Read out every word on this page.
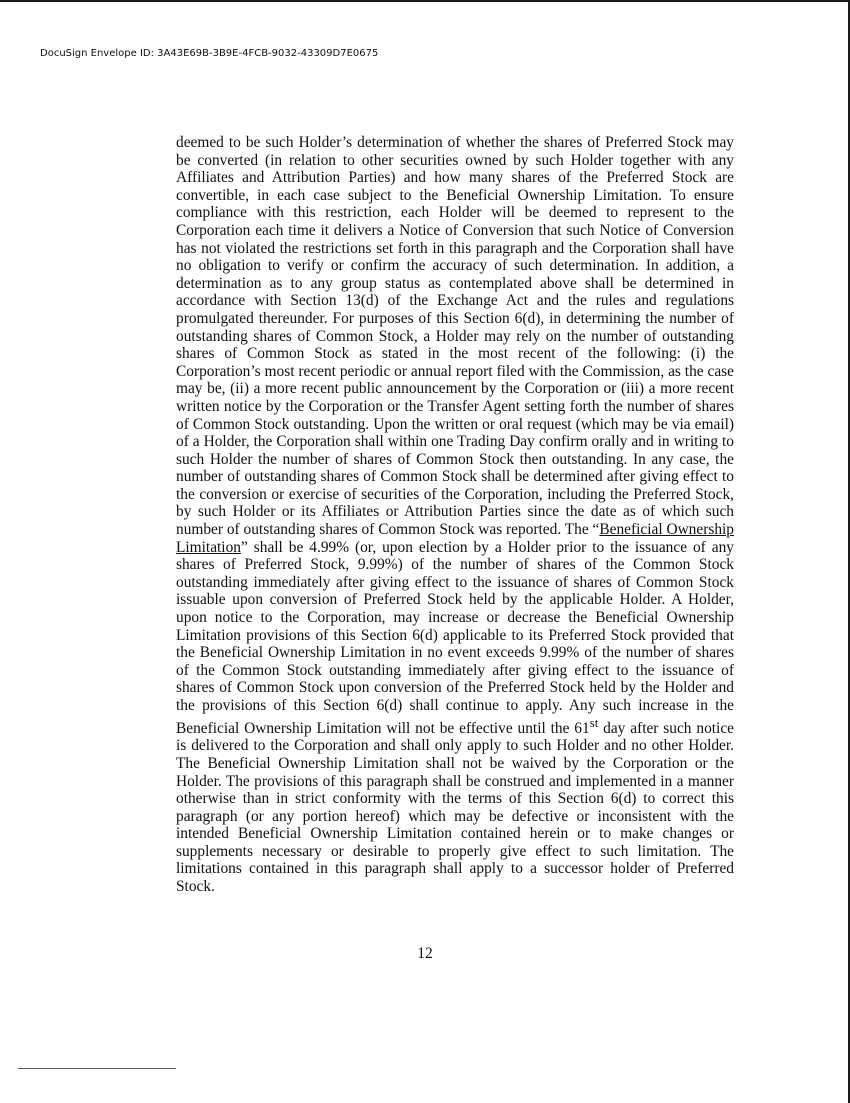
DocuSign Envelope ID: 3A43E69B-3B9E-4FCB-9032-43309D7E0675

deemed to be such Holder’s determination of whether the shares of Preferred Stock may be converted (in relation to other securities owned by such Holder together with any Affiliates and Attribution Parties) and how many shares of the Preferred Stock are convertible, in each case subject to the Beneficial Ownership Limitation. To ensure compliance with this restriction, each Holder will be deemed to represent to the Corporation each time it delivers a Notice of Conversion that such Notice of Conversion has not violated the restrictions set forth in this paragraph and the Corporation shall have no obligation to verify or confirm the accuracy of such determination. In addition, a determination as to any group status as contemplated above shall be determined in accordance with Section 13(d) of the Exchange Act and the rules and regulations promulgated thereunder. For purposes of this Section 6(d), in determining the number of outstanding shares of Common Stock, a Holder may rely on the number of outstanding shares of Common Stock as stated in the most recent of the following: (i) the Corporation’s most recent periodic or annual report filed with the Commission, as the case may be, (ii) a more recent public announcement by the Corporation or (iii) a more recent written notice by the Corporation or the Transfer Agent setting forth the number of shares of Common Stock outstanding. Upon the written or oral request (which may be via email) of a Holder, the Corporation shall within one Trading Day confirm orally and in writing to such Holder the number of shares of Common Stock then outstanding. In any case, the number of outstanding shares of Common Stock shall be determined after giving effect to the conversion or exercise of securities of the Corporation, including the Preferred Stock, by such Holder or its Affiliates or Attribution Parties since the date as of which such number of outstanding shares of Common Stock was reported. The “Beneficial Ownership Limitation” shall be 4.99% (or, upon election by a Holder prior to the issuance of any shares of Preferred Stock, 9.99%) of the number of shares of the Common Stock outstanding immediately after giving effect to the issuance of shares of Common Stock issuable upon conversion of Preferred Stock held by the applicable Holder. A Holder, upon notice to the Corporation, may increase or decrease the Beneficial Ownership Limitation provisions of this Section 6(d) applicable to its Preferred Stock provided that the Beneficial Ownership Limitation in no event exceeds 9.99% of the number of shares of the Common Stock outstanding immediately after giving effect to the issuance of shares of Common Stock upon conversion of the Preferred Stock held by the Holder and the provisions of this Section 6(d) shall continue to apply. Any such increase in the Beneficial Ownership Limitation will not be effective until the 61st day after such notice is delivered to the Corporation and shall only apply to such Holder and no other Holder. The Beneficial Ownership Limitation shall not be waived by the Corporation or the Holder. The provisions of this paragraph shall be construed and implemented in a manner otherwise than in strict conformity with the terms of this Section 6(d) to correct this paragraph (or any portion hereof) which may be defective or inconsistent with the intended Beneficial Ownership Limitation contained herein or to make changes or supplements necessary or desirable to properly give effect to such limitation. The limitations contained in this paragraph shall apply to a successor holder of Preferred Stock.

12
